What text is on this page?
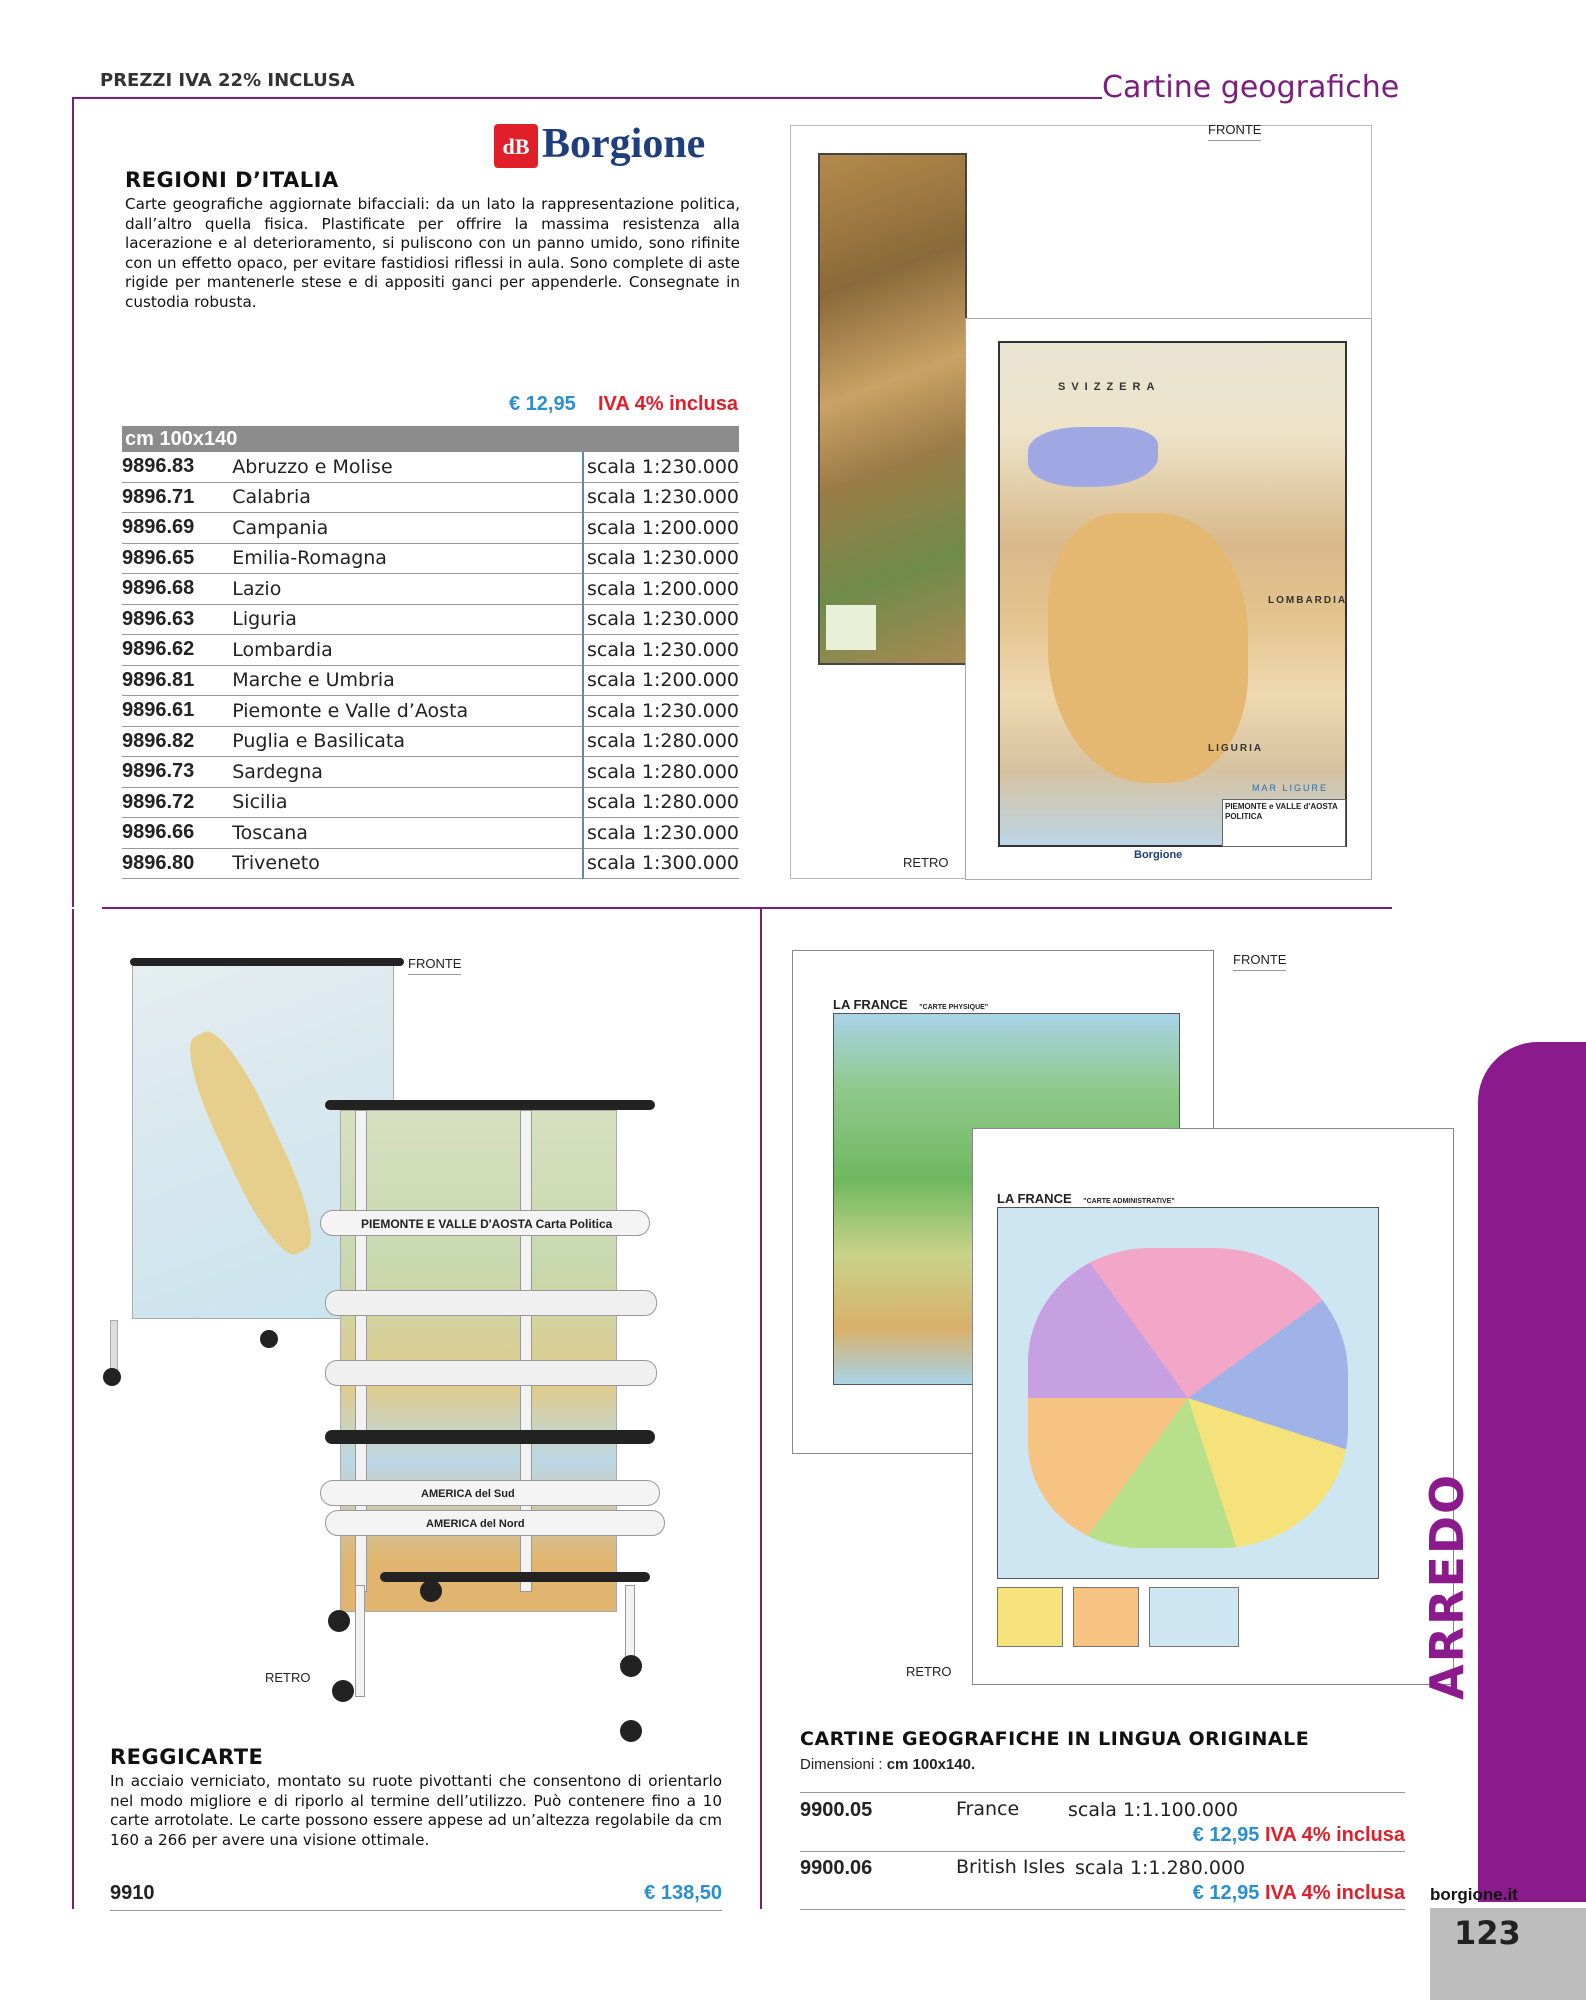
PREZZI IVA 22% INCLUSA	Cartine geografiche
dB Borgione
REGIONI D’ITALIA
Carte geografiche aggiornate bifacciali: da un lato la rappresentazione politica, dall’altro quella fisica. Plastificate per offrire la massima resistenza alla lacerazione e al deterioramento, si puliscono con un panno umido, sono rifinite con un effetto opaco, per evitare fastidiosi riflessi in aula. Sono complete di aste rigide per mantenerle stese e di appositi ganci per appenderle. Consegnate in custodia robusta.
€ 12,95 IVA 4% inclusa
cm 100x140		
9896.83	Abruzzo e Molise	scala 1:230.000
9896.71	Calabria	scala 1:230.000
9896.69	Campania	scala 1:200.000
9896.65	Emilia-Romagna	scala 1:230.000
9896.68	Lazio	scala 1:200.000
9896.63	Liguria	scala 1:230.000
9896.62	Lombardia	scala 1:230.000
9896.81	Marche e Umbria	scala 1:200.000
9896.61	Piemonte e Valle d’Aosta	scala 1:230.000
9896.82	Puglia e Basilicata	scala 1:280.000
9896.73	Sardegna	scala 1:280.000
9896.72	Sicilia	scala 1:280.000
9896.66	Toscana	scala 1:230.000
9896.80	Triveneto	scala 1:300.000
FRONTE
SVIZZERA
LOMBARDIA
LIGURIA
MAR LIGURE
PIEMONTE e VALLE d'AOSTA
POLITICA
Borgione
RETRO
FRONTE
PIEMONTE E VALLE D'AOSTA Carta Politica
AMERICA del Sud
AMERICA del Nord
RETRO
REGGICARTE
In acciaio verniciato, montato su ruote pivottanti che consentono di orientarlo nel modo migliore e di riporlo al termine dell’utilizzo. Può contenere fino a 10 carte arrotolate. Le carte possono essere appese ad un’altezza regolabile da cm 160 a 266 per avere una visione ottimale.
9910	€ 138,50
LA FRANCE "CARTE PHYSIQUE"
FRONTE
LA FRANCE "CARTE ADMINISTRATIVE"
RETRO
CARTINE GEOGRAFICHE IN LINGUA ORIGINALE
Dimensioni : cm 100x140.
9900.05	France	scala 1:1.100.000
€ 12,95 IVA 4% inclusa
9900.06	British Isles scala 1:1.280.000
€ 12,95 IVA 4% inclusa
ARREDO
borgione.it
123
